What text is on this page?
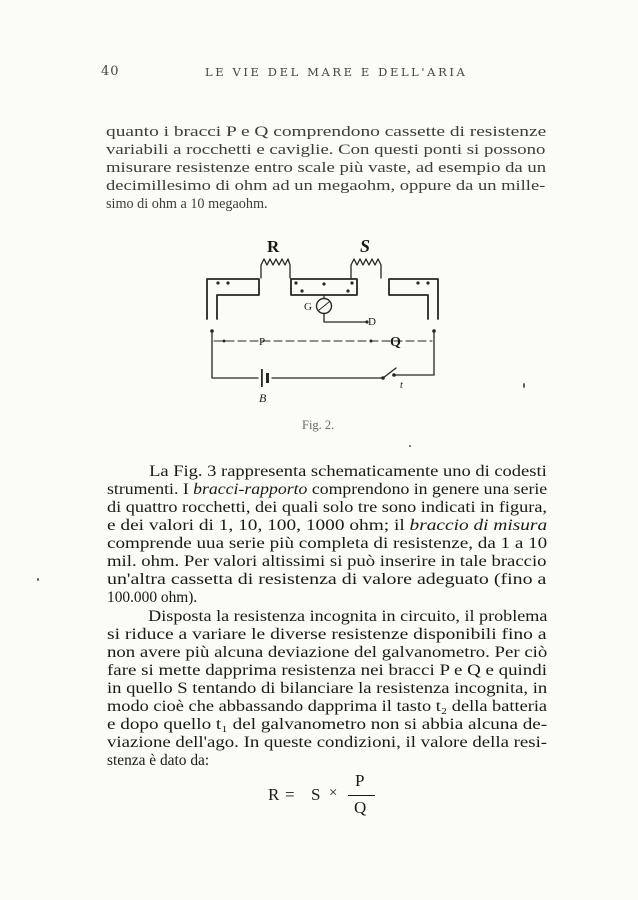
40	LE VIE DEL MARE E DELL'ARIA

quanto i bracci P e Q comprendono cassette di resistenze
variabili a rocchetti e caviglie. Con questi ponti si possono
misurare resistenze entro scale più vaste, ad esempio da un
decimillesimo di ohm ad un megaohm, oppure da un mille-
simo di ohm a 10 megaohm.

R	S
G
D
P	Q
B
t
Fig. 2.

La Fig. 3 rappresenta schematicamente uno di codesti
strumenti. I bracci-rapporto comprendono in genere una serie
di quattro rocchetti, dei quali solo tre sono indicati in figura,
e dei valori di 1, 10, 100, 1000 ohm; il braccio di misura
comprende uua serie più completa di resistenze, da 1 a 10
mil. ohm. Per valori altissimi si può inserire in tale braccio
un'altra cassetta di resistenza di valore adeguato (fino a
100.000 ohm).

Disposta la resistenza incognita in circuito, il problema
si riduce a variare le diverse resistenze disponibili fino a
non avere più alcuna deviazione del galvanometro. Per ciò
fare si mette dapprima resistenza nei bracci P e Q e quindi
in quello S tentando di bilanciare la resistenza incognita, in
modo cioè che abbassando dapprima il tasto t₂ della batteria
e dopo quello t₁ del galvanometro non si abbia alcuna de-
viazione dell'ago. In queste condizioni, il valore della resi-
stenza è dato da:

R = S ×
P
Q
